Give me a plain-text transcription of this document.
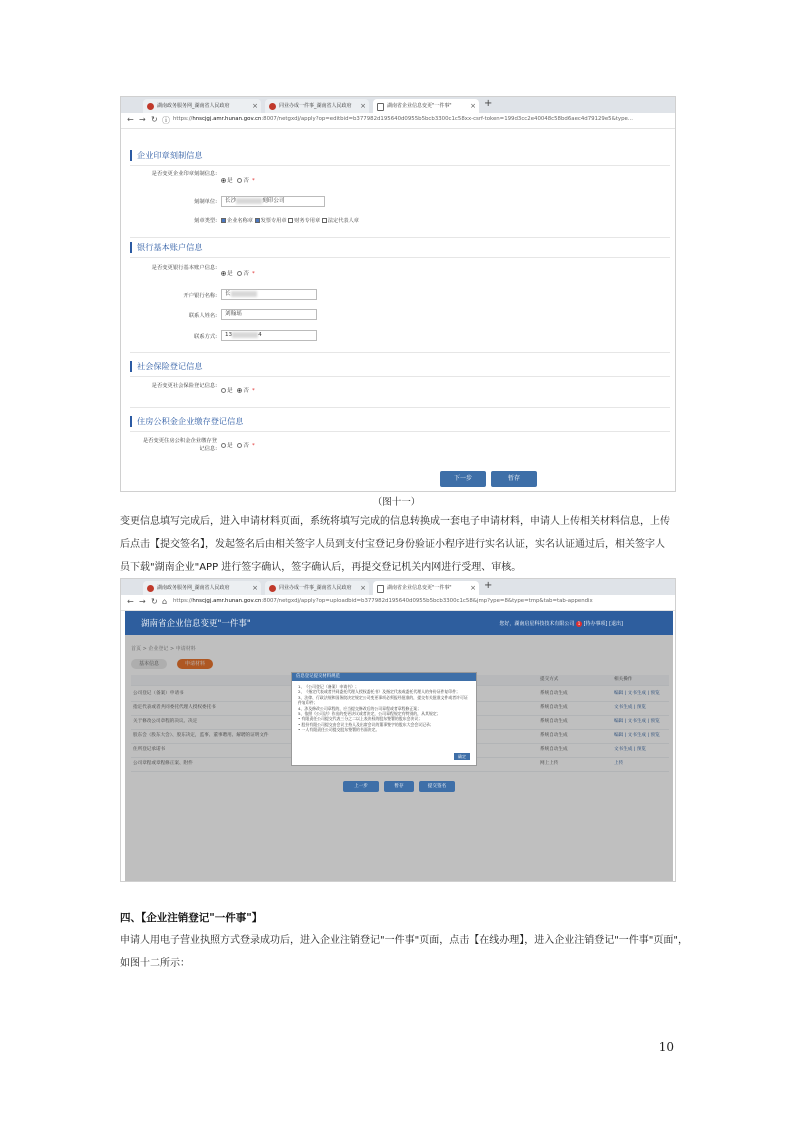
湖南政务服务网_湖南省人民政府	×	同业办成一件事_湖南省人民政府 ×	湖南省企业信息变更"一件事"	× +
← → ↻ ⓘ https://hnscjgj.amr.hunan.gov.cn:8007/netgxdj/apply?op=editbid=b377982d195640d0955b5bcb3300c1c58xx-csrf-token=199d3cc2e40048c58bd6aec4d79129e5&type...
企业印章刻制信息
是否变更企业印章刻制信息:
是 否 *
刻制单位:	长沙	刻印公司
刻章类型:	企业名称章 发票专用章 财务专用章 法定代表人章
银行基本账户信息
是否变更银行基本账户信息:
是 否 *
开户银行名称:	长
联系人姓名:	刘翰瑶
联系方式:	13	4
社会保险登记信息
是否变更社会保险登记信息:
是 否 *
住房公积金企业缴存登记信息
是否变更住房公积金企业缴存登记信息:	是 否 *
下一步	暂存
（图十一）
变更信息填写完成后，进入申请材料页面，系统将填写完成的信息转换成一套电子申请材料，申请人上传相关材料信息，上传
后点击【提交签名】，发起签名后由相关签字人员到支付宝登记身份验证小程序进行实名认证，实名认证通过后，相关签字人
员下载"湖南企业"APP 进行签字确认，签字确认后，再提交登记机关内网进行受理、审核。
湖南政务服务网_湖南省人民政府	×	同业办成一件事_湖南省人民政府 ×	湖南省企业信息变更"一件事"	× +
← → ↻ ⌂ https://hnscjgj.amr.hunan.gov.cn:8007/netgxdj/apply?op=uploadbid=b377982d195640d0955b5bcb3300c1c58&jmp?ype=8&type=tmp&tab=tab-appendix
湖南省企业信息变更"一件事"	您好，湖南启星科技技术有限公司 1 [待办事项] [退出]
首页 > 企业登记 > 申请材料
基本信息	申请材料
提交方式	相关操作
公司登记（备案）申请书	系统自动生成	编辑 | 文书生成 | 预览
指定代表或者共同委托代理人授权委托书	系统自动生成	文书生成 | 预览
关于修改公司章程的决议、决定	系统自动生成	编辑 | 文书生成 | 预览
股东会（股东大会）、股东决定，监事、董事聘用、解聘的证明文件	系统自动生成	编辑 | 文书生成 | 预览
住所登记承诺书	系统自动生成	文书生成 | 预览
公司章程或章程修正案、附件	网上上传	上传
信息登记提交材料规范
1、《公司登记（备案）申请书》；
2、《指定代表或者共同委托代理人授权委托书》及指定代表或委托代理人的身份证件复印件；
3、法律、行政法规和国务院决定规定公司变更事项必须报经批准的，提交有关批准文件或者许可证件复印件；
4、涉及修改公司章程的，应当提交修改后的公司章程或者章程修正案；
5、依照《公司法》作出的变更决议或者决定，公司章程规定有特别的，从其规定；
• 有限责任公司提交代表三分之二以上表决权的股东签署的股东会决议；
• 股份有限公司提交由会议主持人及出席会议的董事签字的股东大会会议记录；
• 一人有限责任公司提交股东签署的书面决定。
确定
上一步	暂存	提交签名
四、【企业注销登记"一件事"】
申请人用电子营业执照方式登录成功后，进入企业注销登记"一件事"页面，点击【在线办理】，进入企业注销登记"一件事"页面"，
如图十二所示：
10
